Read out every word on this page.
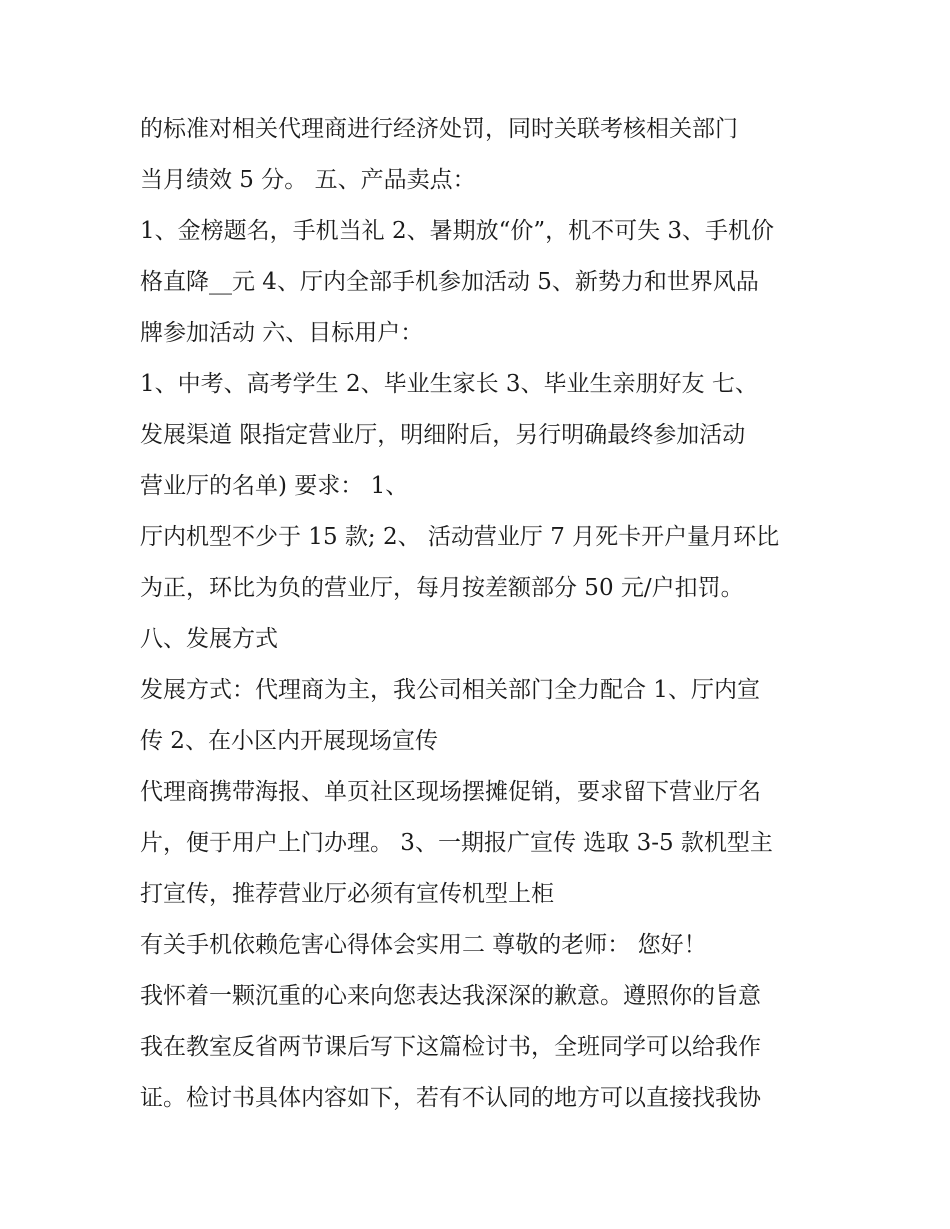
的标准对相关代理商进行经济处罚，同时关联考核相关部门
当月绩效 5 分。 五、产品卖点：
1、金榜题名，手机当礼 2、暑期放“价”，机不可失 3、手机价
格直降__元 4、厅内全部手机参加活动 5、新势力和世界风品
牌参加活动 六、目标用户：
1、中考、高考学生 2、毕业生家长 3、毕业生亲朋好友 七、
发展渠道 限指定营业厅，明细附后，另行明确最终参加活动
营业厅的名单) 要求： 1、
厅内机型不少于 15 款; 2、 活动营业厅 7 月死卡开户量月环比
为正，环比为负的营业厅，每月按差额部分 50 元/户扣罚。
八、发展方式
发展方式：代理商为主，我公司相关部门全力配合 1、厅内宣
传 2、在小区内开展现场宣传
代理商携带海报、单页社区现场摆摊促销，要求留下营业厅名
片，便于用户上门办理。 3、一期报广宣传 选取 3-5 款机型主
打宣传，推荐营业厅必须有宣传机型上柜
有关手机依赖危害心得体会实用二 尊敬的老师： 您好！
我怀着一颗沉重的心来向您表达我深深的歉意。遵照你的旨意
我在教室反省两节课后写下这篇检讨书，全班同学可以给我作
证。检讨书具体内容如下，若有不认同的地方可以直接找我协
